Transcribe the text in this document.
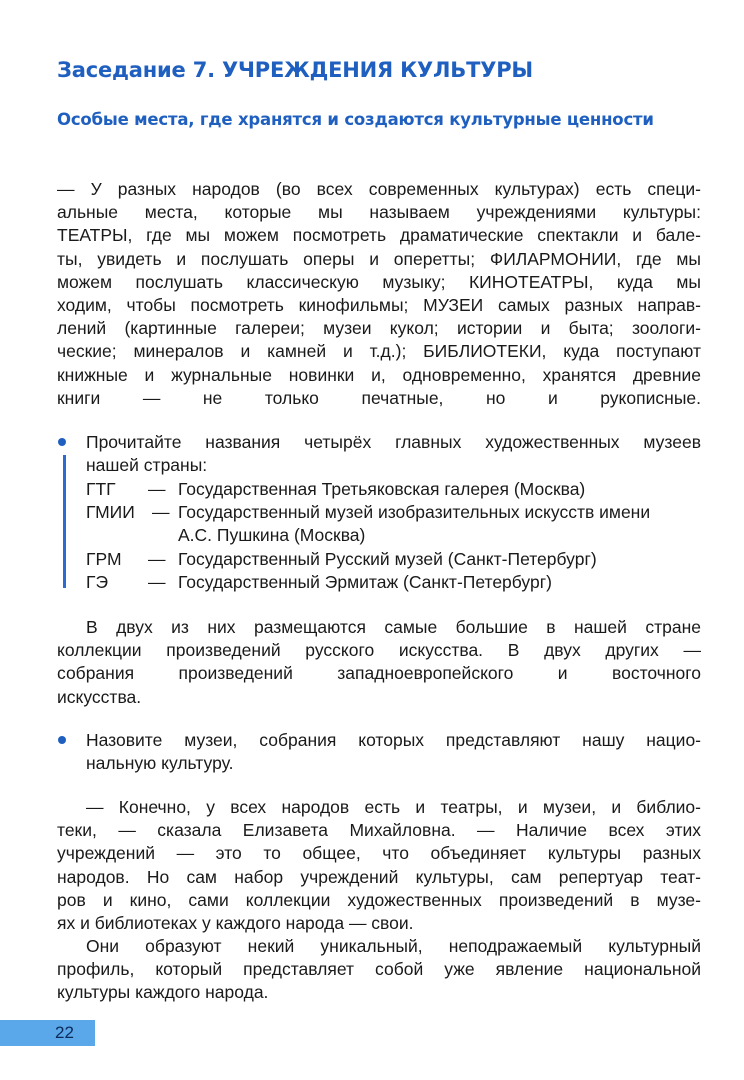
Заседание 7. УЧРЕЖДЕНИЯ КУЛЬТУРЫ
Особые места, где хранятся и создаются культурные ценности
— У разных народов (во всех современных культурах) есть специ-
альные места, которые мы называем учреждениями культуры:
ТЕАТРЫ, где мы можем посмотреть драматические спектакли и бале-
ты, увидеть и послушать оперы и оперетты; ФИЛАРМОНИИ, где мы
можем послушать классическую музыку; КИНОТЕАТРЫ, куда мы
ходим, чтобы посмотреть кинофильмы; МУЗЕИ самых разных направ-
лений (картинные галереи; музеи кукол; истории и быта; зоологи-
ческие; минералов и камней и т.д.); БИБЛИОТЕКИ, куда поступают
книжные и журнальные новинки и, одновременно, хранятся древние
книги — не только печатные, но и рукописные.
Прочитайте названия четырёх главных художественных музеев
нашей страны:
ГТГ — Государственная Третьяковская галерея (Москва)
ГМИИ — Государственный музей изобразительных искусств имени
А.С. Пушкина (Москва)
ГРМ — Государственный Русский музей (Санкт-Петербург)
ГЭ — Государственный Эрмитаж (Санкт-Петербург)
В двух из них размещаются самые большие в нашей стране
коллекции произведений русского искусства. В двух других —
собрания произведений западноевропейского и восточного
искусства.
Назовите музеи, собрания которых представляют нашу нацио-
нальную культуру.
— Конечно, у всех народов есть и театры, и музеи, и библио-
теки, — сказала Елизавета Михайловна. — Наличие всех этих
учреждений — это то общее, что объединяет культуры разных
народов. Но сам набор учреждений культуры, сам репертуар теат-
ров и кино, сами коллекции художественных произведений в музе-
ях и библиотеках у каждого народа — свои.
Они образуют некий уникальный, неподражаемый культурный
профиль, который представляет собой уже явление национальной
культуры каждого народа.
22
